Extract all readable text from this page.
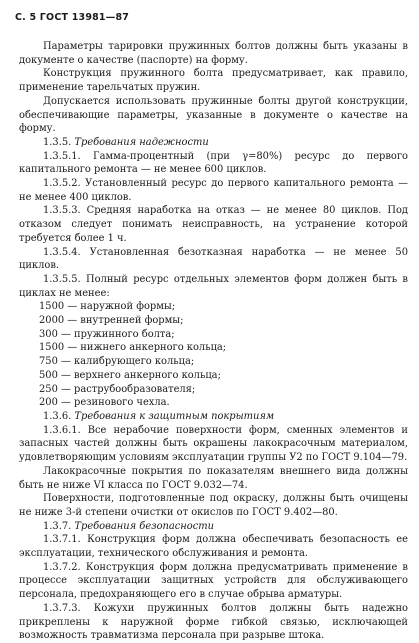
С. 5 ГОСТ 13981—87

Параметры тарировки пружинных болтов должны быть указаны в документе о качестве (паспорте) на форму.

Конструкция пружинного болта предусматривает, как правило, применение тарельчатых пружин.

Допускается использовать пружинные болты другой конструкции, обеспечивающие параметры, указанные в документе о качестве на форму.

1.3.5. Требования надежности

1.3.5.1. Гамма-процентный (при γ=80%) ресурс до первого капитального ремонта — не менее 600 циклов.

1.3.5.2. Установленный ресурс до первого капитального ремонта — не менее 400 циклов.

1.3.5.3. Средняя наработка на отказ — не менее 80 циклов. Под отказом следует понимать неисправность, на устранение которой требуется более 1 ч.

1.3.5.4. Установленная безотказная наработка — не менее 50 циклов.

1.3.5.5. Полный ресурс отдельных элементов форм должен быть в циклах не менее:

1500 — наружной формы;

2000 — внутренней формы;

300 — пружинного болта;

1500 — нижнего анкерного кольца;

750 — калибрующего кольца;

500 — верхнего анкерного кольца;

250 — раструбообразователя;

200 — резинового чехла.

1.3.6. Требования к защитным покрытиям

1.3.6.1. Все нерабочие поверхности форм, сменных элементов и запасных частей должны быть окрашены лакокрасочным материалом, удовлетворяющим условиям эксплуатации группы У2 по ГОСТ 9.104—79.

Лакокрасочные покрытия по показателям внешнего вида должны быть не ниже VI класса по ГОСТ 9.032—74.

Поверхности, подготовленные под окраску, должны быть очищены не ниже 3-й степени очистки от окислов по ГОСТ 9.402—80.

1.3.7. Требования безопасности

1.3.7.1. Конструкция форм должна обеспечивать безопасность ее эксплуатации, технического обслуживания и ремонта.

1.3.7.2. Конструкция форм должна предусматривать применение в процессе эксплуатации защитных устройств для обслуживающего персонала, предохраняющего его в случае обрыва арматуры.

1.3.7.3. Кожухи пружинных болтов должны быть надежно прикреплены к наружной форме гибкой связью, исключающей возможность травматизма персонала при разрыве штока.
